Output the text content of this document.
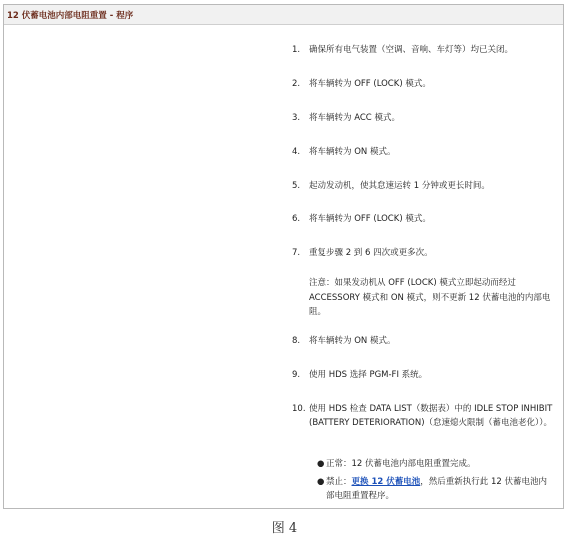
12 伏蓄电池内部电阻重置 - 程序
1.	确保所有电气装置（空调、音响、车灯等）均已关闭。
2.	将车辆转为 OFF (LOCK) 模式。
3.	将车辆转为 ACC 模式。
4.	将车辆转为 ON 模式。
5.	起动发动机，使其怠速运转 1 分钟或更长时间。
6.	将车辆转为 OFF (LOCK) 模式。
7.	重复步骤 2 到 6 四次或更多次。
8.	将车辆转为 ON 模式。
9.	使用 HDS 选择 PGM-FI 系统。
10. 使用 HDS 检查 DATA LIST（数据表）中的 IDLE STOP INHIBIT (BATTERY DETERIORATION)（怠速熄火限制（蓄电池老化））。
注意：如果发动机从 OFF (LOCK) 模式立即起动而经过 ACCESSORY 模式和 ON 模式，则不更新 12 伏蓄电池的内部电阻。
● 正常：12 伏蓄电池内部电阻重置完成。
● 禁止：更换 12 伏蓄电池，然后重新执行此 12 伏蓄电池内部电阻重置程序。
图 4
